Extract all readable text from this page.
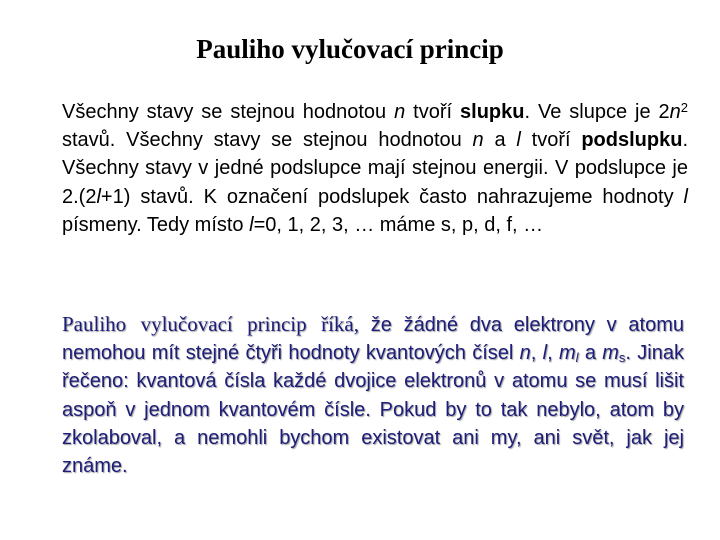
Pauliho vylučovací princip
Všechny stavy se stejnou hodnotou n tvoří slupku. Ve slupce je $2n^2$ stavů. Všechny stavy se stejnou hodnotou n a l tvoří podslupku. Všechny stavy v jedné podslupce mají stejnou energii. V podslupce je 2.(2l+1) stavů. K označení podslupek často nahrazujeme hodnoty l písmeny. Tedy místo l=0, 1, 2, 3, … máme s, p, d, f, …
Pauliho vylučovací princip říká, že žádné dva elektrony v atomu
nemohou mít stejné čtyři hodnoty kvantových čísel n, l, $m_l$ a $m_s$. Jinak řečeno: kvantová čísla každé dvojice elektronů v atomu se musí lišit aspoň v jednom kvantovém čísle. Pokud by to tak nebylo, atom by zkolaboval, a nemohli bychom existovat ani my, ani svět, jak jej známe.
